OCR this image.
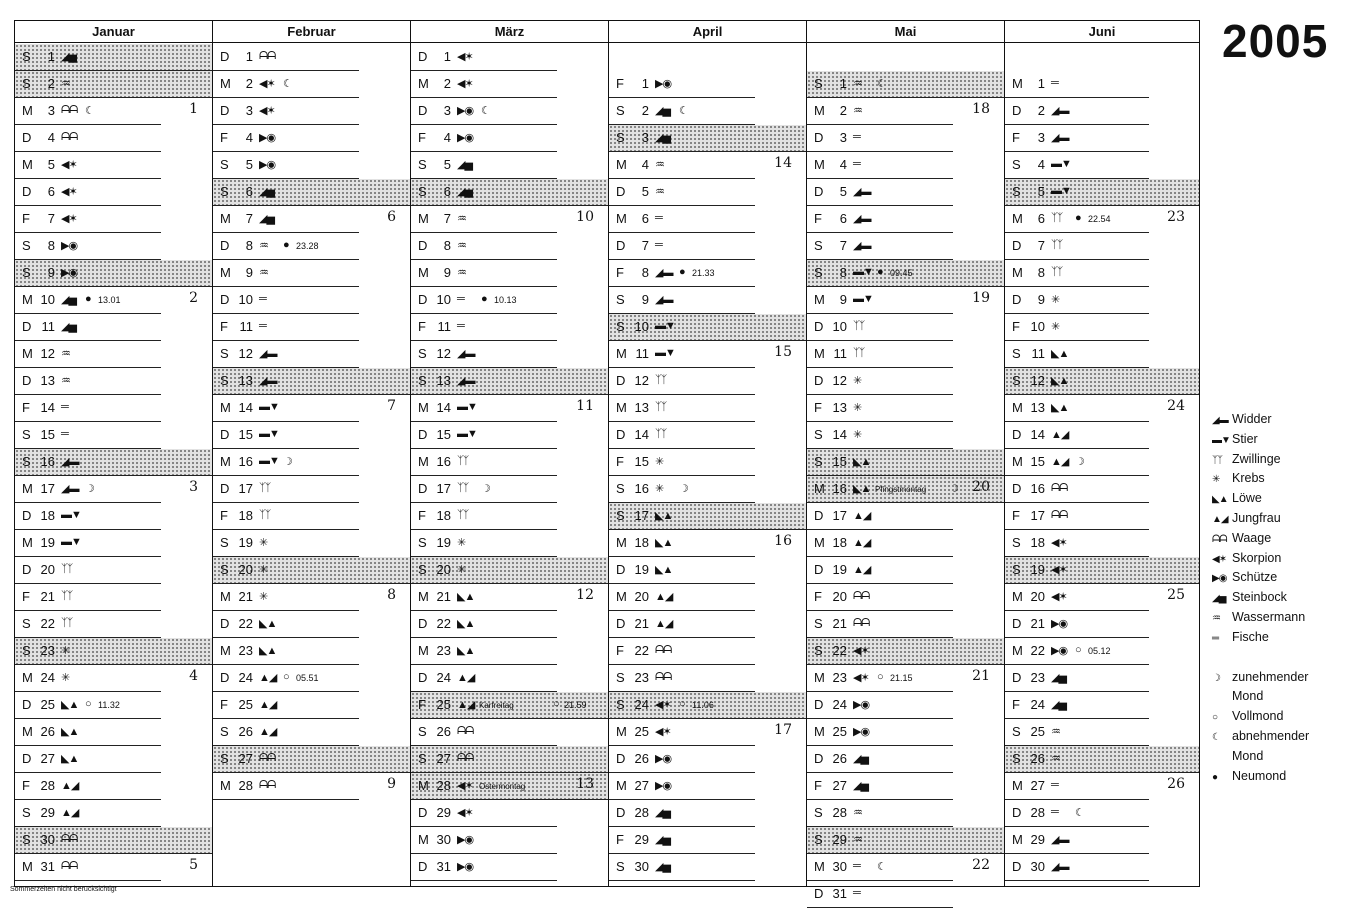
2005
Januar
S	1 ◢▅
S	2 ♒︎
M	3 ᗩᗩ ☾	1
D	4 ᗩᗩ
M	5 ◀✶
D	6 ◀✶
F	7 ◀✶
S	8 ▶◉
S	9 ▶◉
M 10 ◢▅ ● 13.01	2
D 11 ◢▅
M 12 ♒︎
D 13 ♒︎
F 14 ═
S 15 ═
S 16 ◢▬
M 17 ◢▬ ☽	3
D 18 ▬▼
M 19 ▬▼
D 20 ᛉᛉ
F 21 ᛉᛉ
S 22 ᛉᛉ
S 23 ✳︎
M 24 ✳︎	4
D 25 ◣▲ ○ 11.32
M 26 ◣▲
D 27 ◣▲
F 28 ▲◢
S 29 ▲◢
S 30 ᗩᗩ
M 31 ᗩᗩ	5
Februar
D	1 ᗩᗩ
M	2 ◀✶ ☾
D	3 ◀✶
F	4 ▶◉
S	5 ▶◉
S	6 ◢▅
M	7 ◢▅	6
D	8 ♒︎ ● 23.28
M	9 ♒︎
D 10 ═
F 11 ═
S 12 ◢▬
S 13 ◢▬
M 14 ▬▼	7
D 15 ▬▼
M 16 ▬▼ ☽
D 17 ᛉᛉ
F 18 ᛉᛉ
S 19 ✳︎
S 20 ✳︎
M 21 ✳︎	8
D 22 ◣▲
M 23 ◣▲
D 24 ▲◢ ○ 05.51
F 25 ▲◢
S 26 ▲◢
S 27 ᗩᗩ
M 28 ᗩᗩ	9
März
D	1 ◀✶
M	2 ◀✶
D	3 ▶◉ ☾
F	4 ▶◉
S	5 ◢▅
S	6 ◢▅
M	7 ♒︎	10
D	8 ♒︎
M	9 ♒︎
D 10 ═ ● 10.13
F 11 ═
S 12 ◢▬
S 13 ◢▬
M 14 ▬▼	11
D 15 ▬▼
M 16 ᛉᛉ
D 17 ᛉᛉ ☽
F 18 ᛉᛉ
S 19 ✳︎
S 20 ✳︎
M 21 ◣▲	12
D 22 ◣▲
M 23 ◣▲
D 24 ▲◢
F 25 ▲◢ Karfreitag	○ 21.59
S 26 ᗩᗩ
S 27 ᗩᗩ
M 28 ◀✶ Ostermontag	13
D 29 ◀✶
M 30 ▶◉
D 31 ▶◉
April
F	1 ▶◉
S	2 ◢▅ ☾
S	3 ◢▅
M	4 ♒︎	14
D	5 ♒︎
M	6 ═
D	7 ═
F	8 ◢▬ ● 21.33
S	9 ◢▬
S 10 ▬▼
M 11 ▬▼	15
D 12 ᛉᛉ
M 13 ᛉᛉ
D 14 ᛉᛉ
F 15 ✳︎
S 16 ✳︎ ☽
S 17 ◣▲
M 18 ◣▲	16
D 19 ◣▲
M 20 ▲◢
D 21 ▲◢
F 22 ᗩᗩ
S 23 ᗩᗩ
S 24 ◀✶ ○ 11.06
M 25 ◀✶	17
D 26 ▶◉
M 27 ▶◉
D 28 ◢▅
F 29 ◢▅
S 30 ◢▅
Mai
S	1 ♒︎ ☾
M	2 ♒︎	18
D	3 ═
M	4 ═
D	5 ◢▬
F	6 ◢▬
S	7 ◢▬
S	8 ▬▼ ● 09.45
M	9 ▬▼	19
D 10 ᛉᛉ
M 11 ᛉᛉ
D 12 ✳︎
F 13 ✳︎
S 14 ✳︎
S 15 ◣▲
M 16 ◣▲ Pfingstmontag ☽ 20
D 17 ▲◢
M 18 ▲◢
D 19 ▲◢
F 20 ᗩᗩ
S 21 ᗩᗩ
S 22 ◀✶
M 23 ◀✶ ○ 21.15	21
D 24 ▶◉
M 25 ▶◉
D 26 ◢▅
F 27 ◢▅
S 28 ♒︎
S 29 ♒︎
M 30 ═ ☾	22
D 31 ═
Juni
M	1 ═
D	2 ◢▬
F	3 ◢▬
S	4 ▬▼
S	5 ▬▼
M	6 ᛉᛉ ● 22.54	23
D	7 ᛉᛉ
M	8 ᛉᛉ
D	9 ✳︎
F 10 ✳︎
S 11 ◣▲
S 12 ◣▲
M 13 ◣▲	24
D 14 ▲◢
M 15 ▲◢ ☽
D 16 ᗩᗩ
F 17 ᗩᗩ
S 18 ◀✶
S 19 ◀✶
M 20 ◀✶	25
D 21 ▶◉
M 22 ▶◉ ○ 05.12
D 23 ◢▅
F 24 ◢▅
S 25 ♒︎
S 26 ♒︎
M 27 ═	26
D 28 ═ ☾
M 29 ◢▬
D 30 ◢▬
◢▬ Widder
▬▼ Stier
ᛉᛉ Zwillinge
✳︎ Krebs
◣▲ Löwe
▲◢ Jungfrau
ᗩᗩ Waage
◀✶ Skorpion
▶◉ Schütze
◢▅ Steinbock
♒︎ Wassermann
═ Fische
☽ zunehmender
Mond
○ Vollmond
☾ abnehmender
Mond
● Neumond
Sommerzeiten nicht berücksichtigt
